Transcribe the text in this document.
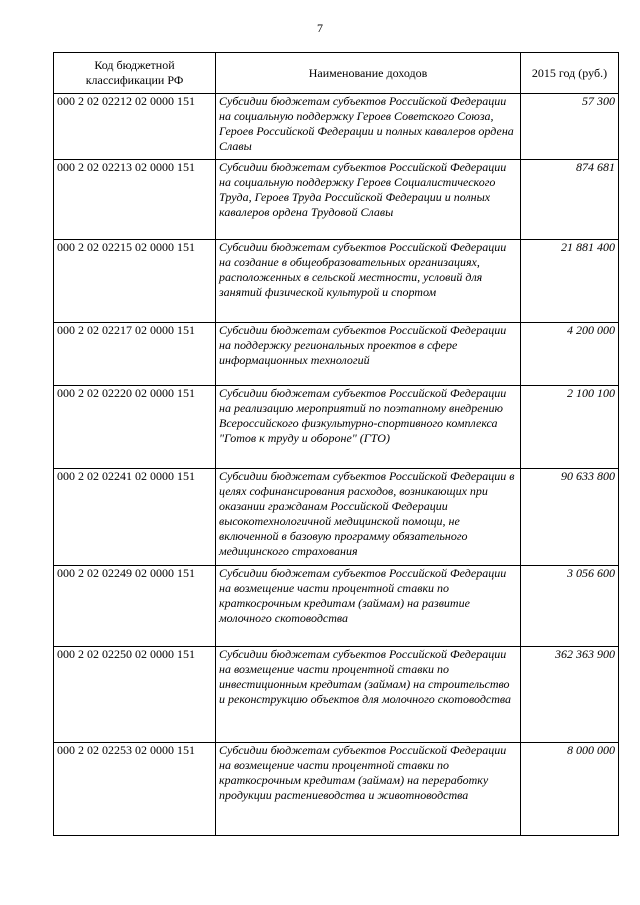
7
Код бюджетной классификации РФ	Наименование доходов	2015 год (руб.)
000 2 02 02212 02 0000 151	Субсидии бюджетам субъектов Российской Федерации на социальную поддержку Героев Советского Союза, Героев Российской Федерации и полных кавалеров ордена Славы	57 300
000 2 02 02213 02 0000 151	Субсидии бюджетам субъектов Российской Федерации на социальную поддержку Героев Социалистического Труда, Героев Труда Российской Федерации и полных кавалеров ордена Трудовой Славы	874 681
000 2 02 02215 02 0000 151	Субсидии бюджетам субъектов Российской Федерации на создание в общеобразовательных организациях, расположенных в сельской местности, условий для занятий физической культурой и спортом	21 881 400
000 2 02 02217 02 0000 151	Субсидии бюджетам субъектов Российской Федерации на поддержку региональных проектов в сфере информационных технологий	4 200 000
000 2 02 02220 02 0000 151	Субсидии бюджетам субъектов Российской Федерации на реализацию мероприятий по поэтапному внедрению Всероссийского физкультурно-спортивного комплекса "Готов к труду и обороне" (ГТО)	2 100 100
000 2 02 02241 02 0000 151	Субсидии бюджетам субъектов Российской Федерации в целях софинансирования расходов, возникающих при оказании гражданам Российской Федерации высокотехнологичной медицинской помощи, не включенной в базовую программу обязательного медицинского страхования	90 633 800
000 2 02 02249 02 0000 151	Субсидии бюджетам субъектов Российской Федерации на возмещение части процентной ставки по краткосрочным кредитам (займам) на развитие молочного скотоводства	3 056 600
000 2 02 02250 02 0000 151	Субсидии бюджетам субъектов Российской Федерации на возмещение части процентной ставки по инвестиционным кредитам (займам) на строительство и реконструкцию объектов для молочного скотоводства	362 363 900
000 2 02 02253 02 0000 151	Субсидии бюджетам субъектов Российской Федерации на возмещение части процентной ставки по краткосрочным кредитам (займам) на переработку продукции растениеводства и животноводства	8 000 000
